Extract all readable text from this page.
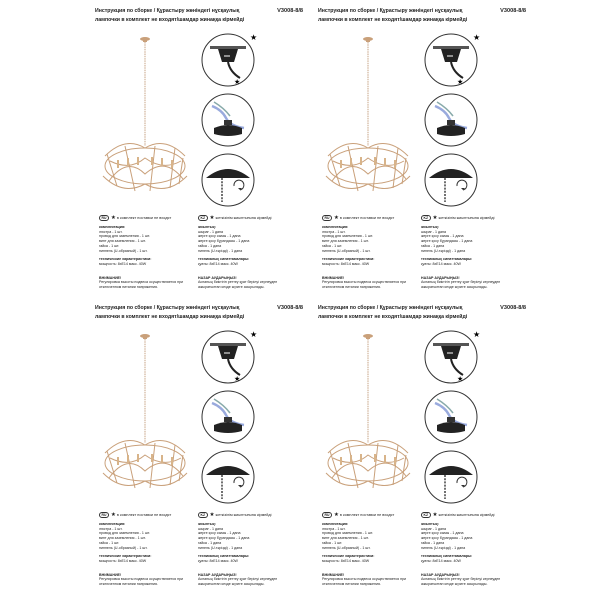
Инструкция по сборке / Құрастыру жөніндегі нұсқаулық	V3008-8/8
лампочки в комплект не входят/шамдар жинаққа кірмейді
★
★
RU ★в комплект поставки не входят	KZ ★жеткізілім жиынтығына кірмейді
комплектация:
люстра - 1 шт.
провод для заземления - 1 шт.
винт для заземления - 1 шт.
гайка - 1 шт.
ниппель (U-образный) - 1 шт.
технические характеристики:
мощность: 8xE14 макс. 40W
ВНИМАНИЕ!
Регулировка высоты подвеса осуществляется при отключенном питании напряжения.
жиынтық:
шырағ - 1 дана
жерге қосу сымы - 1 дана
жерге қосу бұрандасы - 1 дана
гайка - 1 дана
нипель (U-тәрізді) - 1 дана
техникалық сипаттамалары:
қуаты: 8xE14 макс. 40W
НАЗАР АУДАРЫҢЫЗ!
Аспаның биіктігін реттеу қуат берілуі кернеуден ажыратылған кезде жүзеге асырылады.
Инструкция по сборке / Құрастыру жөніндегі нұсқаулық	V3008-8/8
лампочки в комплект не входят/шамдар жинаққа кірмейді
★
★
RU ★в комплект поставки не входят	KZ ★жеткізілім жиынтығына кірмейді
комплектация:
люстра - 1 шт.
провод для заземления - 1 шт.
винт для заземления - 1 шт.
гайка - 1 шт.
ниппель (U-образный) - 1 шт.
технические характеристики:
мощность: 8xE14 макс. 40W
ВНИМАНИЕ!
Регулировка высоты подвеса осуществляется при отключенном питании напряжения.
жиынтық:
шырағ - 1 дана
жерге қосу сымы - 1 дана
жерге қосу бұрандасы - 1 дана
гайка - 1 дана
нипель (U-тәрізді) - 1 дана
техникалық сипаттамалары:
қуаты: 8xE14 макс. 40W
НАЗАР АУДАРЫҢЫЗ!
Аспаның биіктігін реттеу қуат берілуі кернеуден ажыратылған кезде жүзеге асырылады.
Инструкция по сборке / Құрастыру жөніндегі нұсқаулық	V3008-8/8
лампочки в комплект не входят/шамдар жинаққа кірмейді
★
★
RU ★в комплект поставки не входят	KZ ★жеткізілім жиынтығына кірмейді
комплектация:
люстра - 1 шт.
провод для заземления - 1 шт.
винт для заземления - 1 шт.
гайка - 1 шт.
ниппель (U-образный) - 1 шт.
технические характеристики:
мощность: 8xE14 макс. 40W
ВНИМАНИЕ!
Регулировка высоты подвеса осуществляется при отключенном питании напряжения.
жиынтық:
шырағ - 1 дана
жерге қосу сымы - 1 дана
жерге қосу бұрандасы - 1 дана
гайка - 1 дана
нипель (U-тәрізді) - 1 дана
техникалық сипаттамалары:
қуаты: 8xE14 макс. 40W
НАЗАР АУДАРЫҢЫЗ!
Аспаның биіктігін реттеу қуат берілуі кернеуден ажыратылған кезде жүзеге асырылады.
Инструкция по сборке / Құрастыру жөніндегі нұсқаулық	V3008-8/8
лампочки в комплект не входят/шамдар жинаққа кірмейді
★
★
RU ★в комплект поставки не входят	KZ ★жеткізілім жиынтығына кірмейді
комплектация:
люстра - 1 шт.
провод для заземления - 1 шт.
винт для заземления - 1 шт.
гайка - 1 шт.
ниппель (U-образный) - 1 шт.
технические характеристики:
мощность: 8xE14 макс. 40W
ВНИМАНИЕ!
Регулировка высоты подвеса осуществляется при отключенном питании напряжения.
жиынтық:
шырағ - 1 дана
жерге қосу сымы - 1 дана
жерге қосу бұрандасы - 1 дана
гайка - 1 дана
нипель (U-тәрізді) - 1 дана
техникалық сипаттамалары:
қуаты: 8xE14 макс. 40W
НАЗАР АУДАРЫҢЫЗ!
Аспаның биіктігін реттеу қуат берілуі кернеуден ажыратылған кезде жүзеге асырылады.
